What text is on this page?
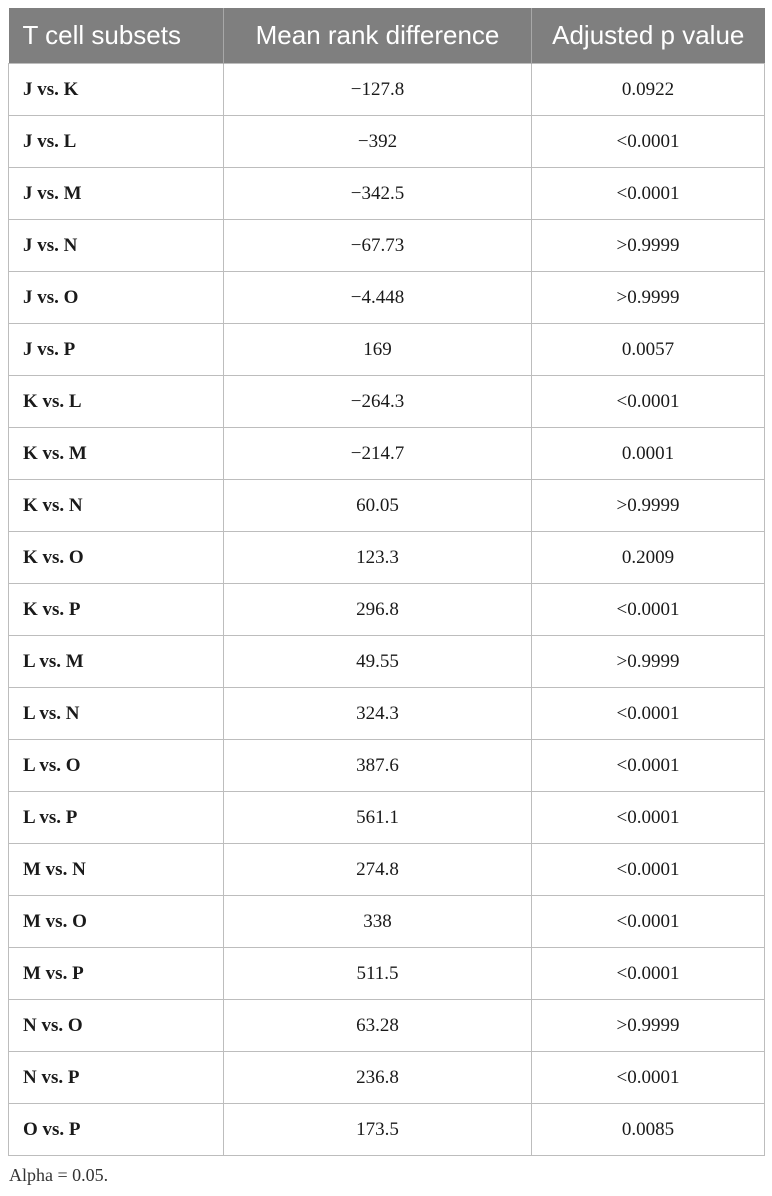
T cell subsets	Mean rank difference	Adjusted p value
J vs. K	−127.8	0.0922
J vs. L	−392	<0.0001
J vs. M	−342.5	<0.0001
J vs. N	−67.73	>0.9999
J vs. O	−4.448	>0.9999
J vs. P	169	0.0057
K vs. L	−264.3	<0.0001
K vs. M	−214.7	0.0001
K vs. N	60.05	>0.9999
K vs. O	123.3	0.2009
K vs. P	296.8	<0.0001
L vs. M	49.55	>0.9999
L vs. N	324.3	<0.0001
L vs. O	387.6	<0.0001
L vs. P	561.1	<0.0001
M vs. N	274.8	<0.0001
M vs. O	338	<0.0001
M vs. P	511.5	<0.0001
N vs. O	63.28	>0.9999
N vs. P	236.8	<0.0001
O vs. P	173.5	0.0085
Alpha = 0.05.
